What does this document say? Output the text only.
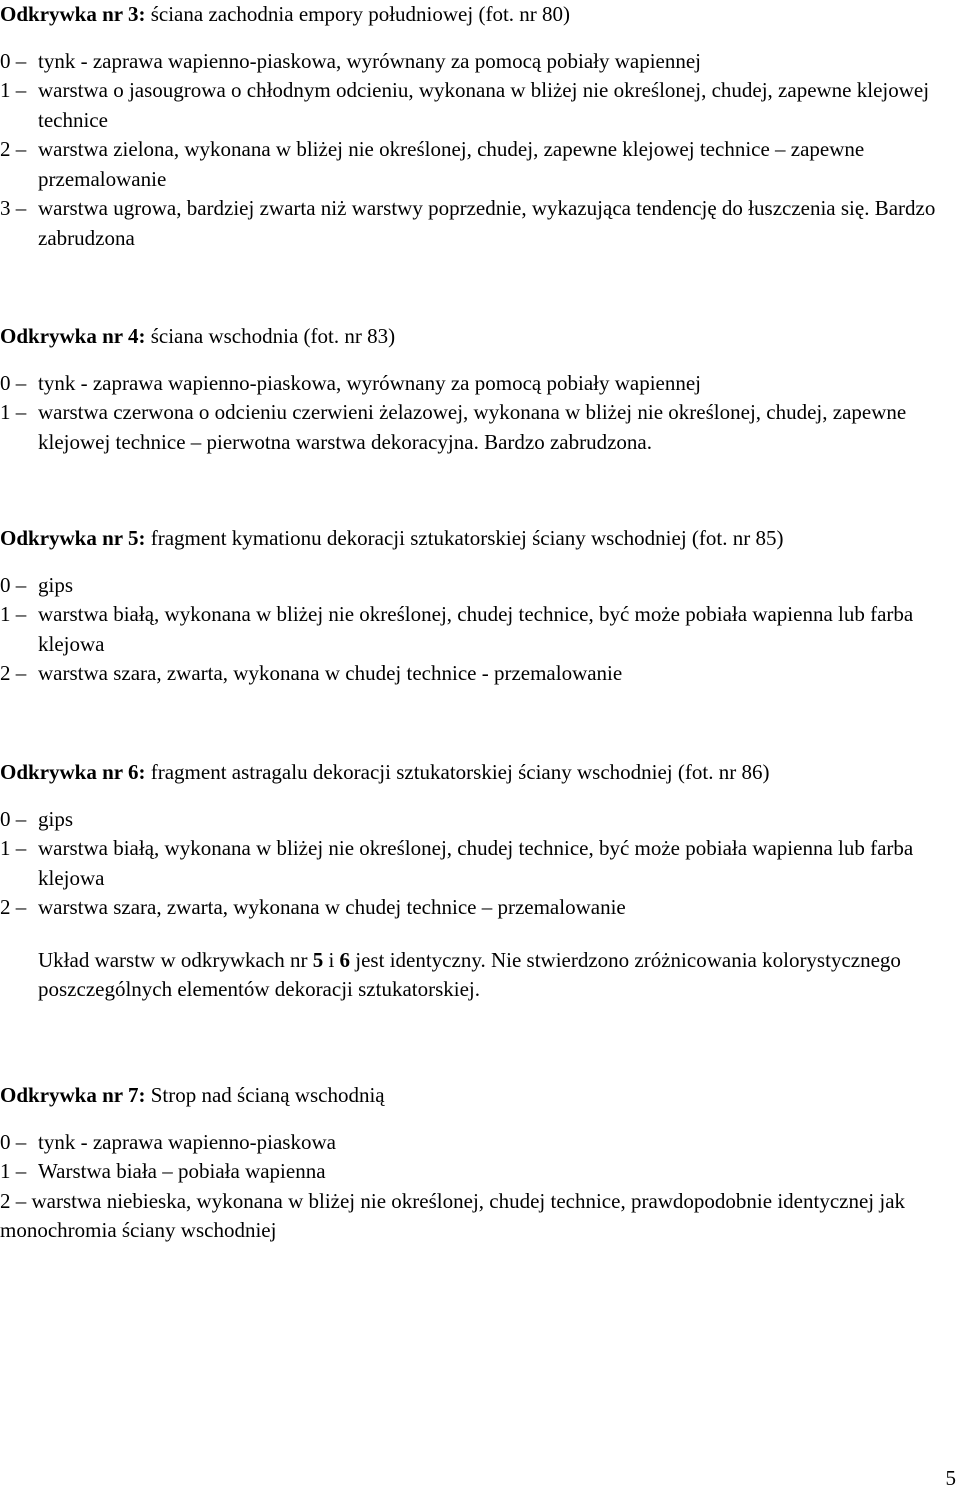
Odkrywka nr 3: ściana zachodnia empory południowej (fot. nr 80)
0 – tynk - zaprawa wapienno-piaskowa, wyrównany za pomocą pobiały wapiennej
1 – warstwa o jasougrowa o chłodnym odcieniu, wykonana w bliżej nie określonej, chudej, zapewne klejowej technice
2 – warstwa zielona, wykonana w bliżej nie określonej, chudej, zapewne klejowej technice – zapewne przemalowanie
3 – warstwa ugrowa, bardziej zwarta niż warstwy poprzednie, wykazująca tendencję do łuszczenia się. Bardzo zabrudzona
Odkrywka nr 4: ściana wschodnia (fot. nr 83)
0 – tynk - zaprawa wapienno-piaskowa, wyrównany za pomocą pobiały wapiennej
1 – warstwa czerwona o odcieniu czerwieni żelazowej, wykonana w bliżej nie określonej, chudej, zapewne klejowej technice – pierwotna warstwa dekoracyjna. Bardzo zabrudzona.
Odkrywka nr 5: fragment kymationu dekoracji sztukatorskiej ściany wschodniej (fot. nr 85)
0 – gips
1 – warstwa białą, wykonana w bliżej nie określonej, chudej technice, być może pobiała wapienna lub farba klejowa
2 – warstwa szara, zwarta, wykonana w chudej technice - przemalowanie
Odkrywka nr 6: fragment astragalu dekoracji sztukatorskiej ściany wschodniej (fot. nr 86)
0 – gips
1 – warstwa białą, wykonana w bliżej nie określonej, chudej technice, być może pobiała wapienna lub farba klejowa
2 – warstwa szara, zwarta, wykonana w chudej technice – przemalowanie
Układ warstw w odkrywkach nr 5 i 6 jest identyczny. Nie stwierdzono zróżnicowania kolorystycznego poszczególnych elementów dekoracji sztukatorskiej.
Odkrywka nr 7: Strop nad ścianą wschodnią
0 – tynk - zaprawa wapienno-piaskowa
1 – Warstwa biała – pobiała wapienna
2 – warstwa niebieska, wykonana w bliżej nie określonej, chudej technice, prawdopodobnie identycznej jak monochromia ściany wschodniej
5
